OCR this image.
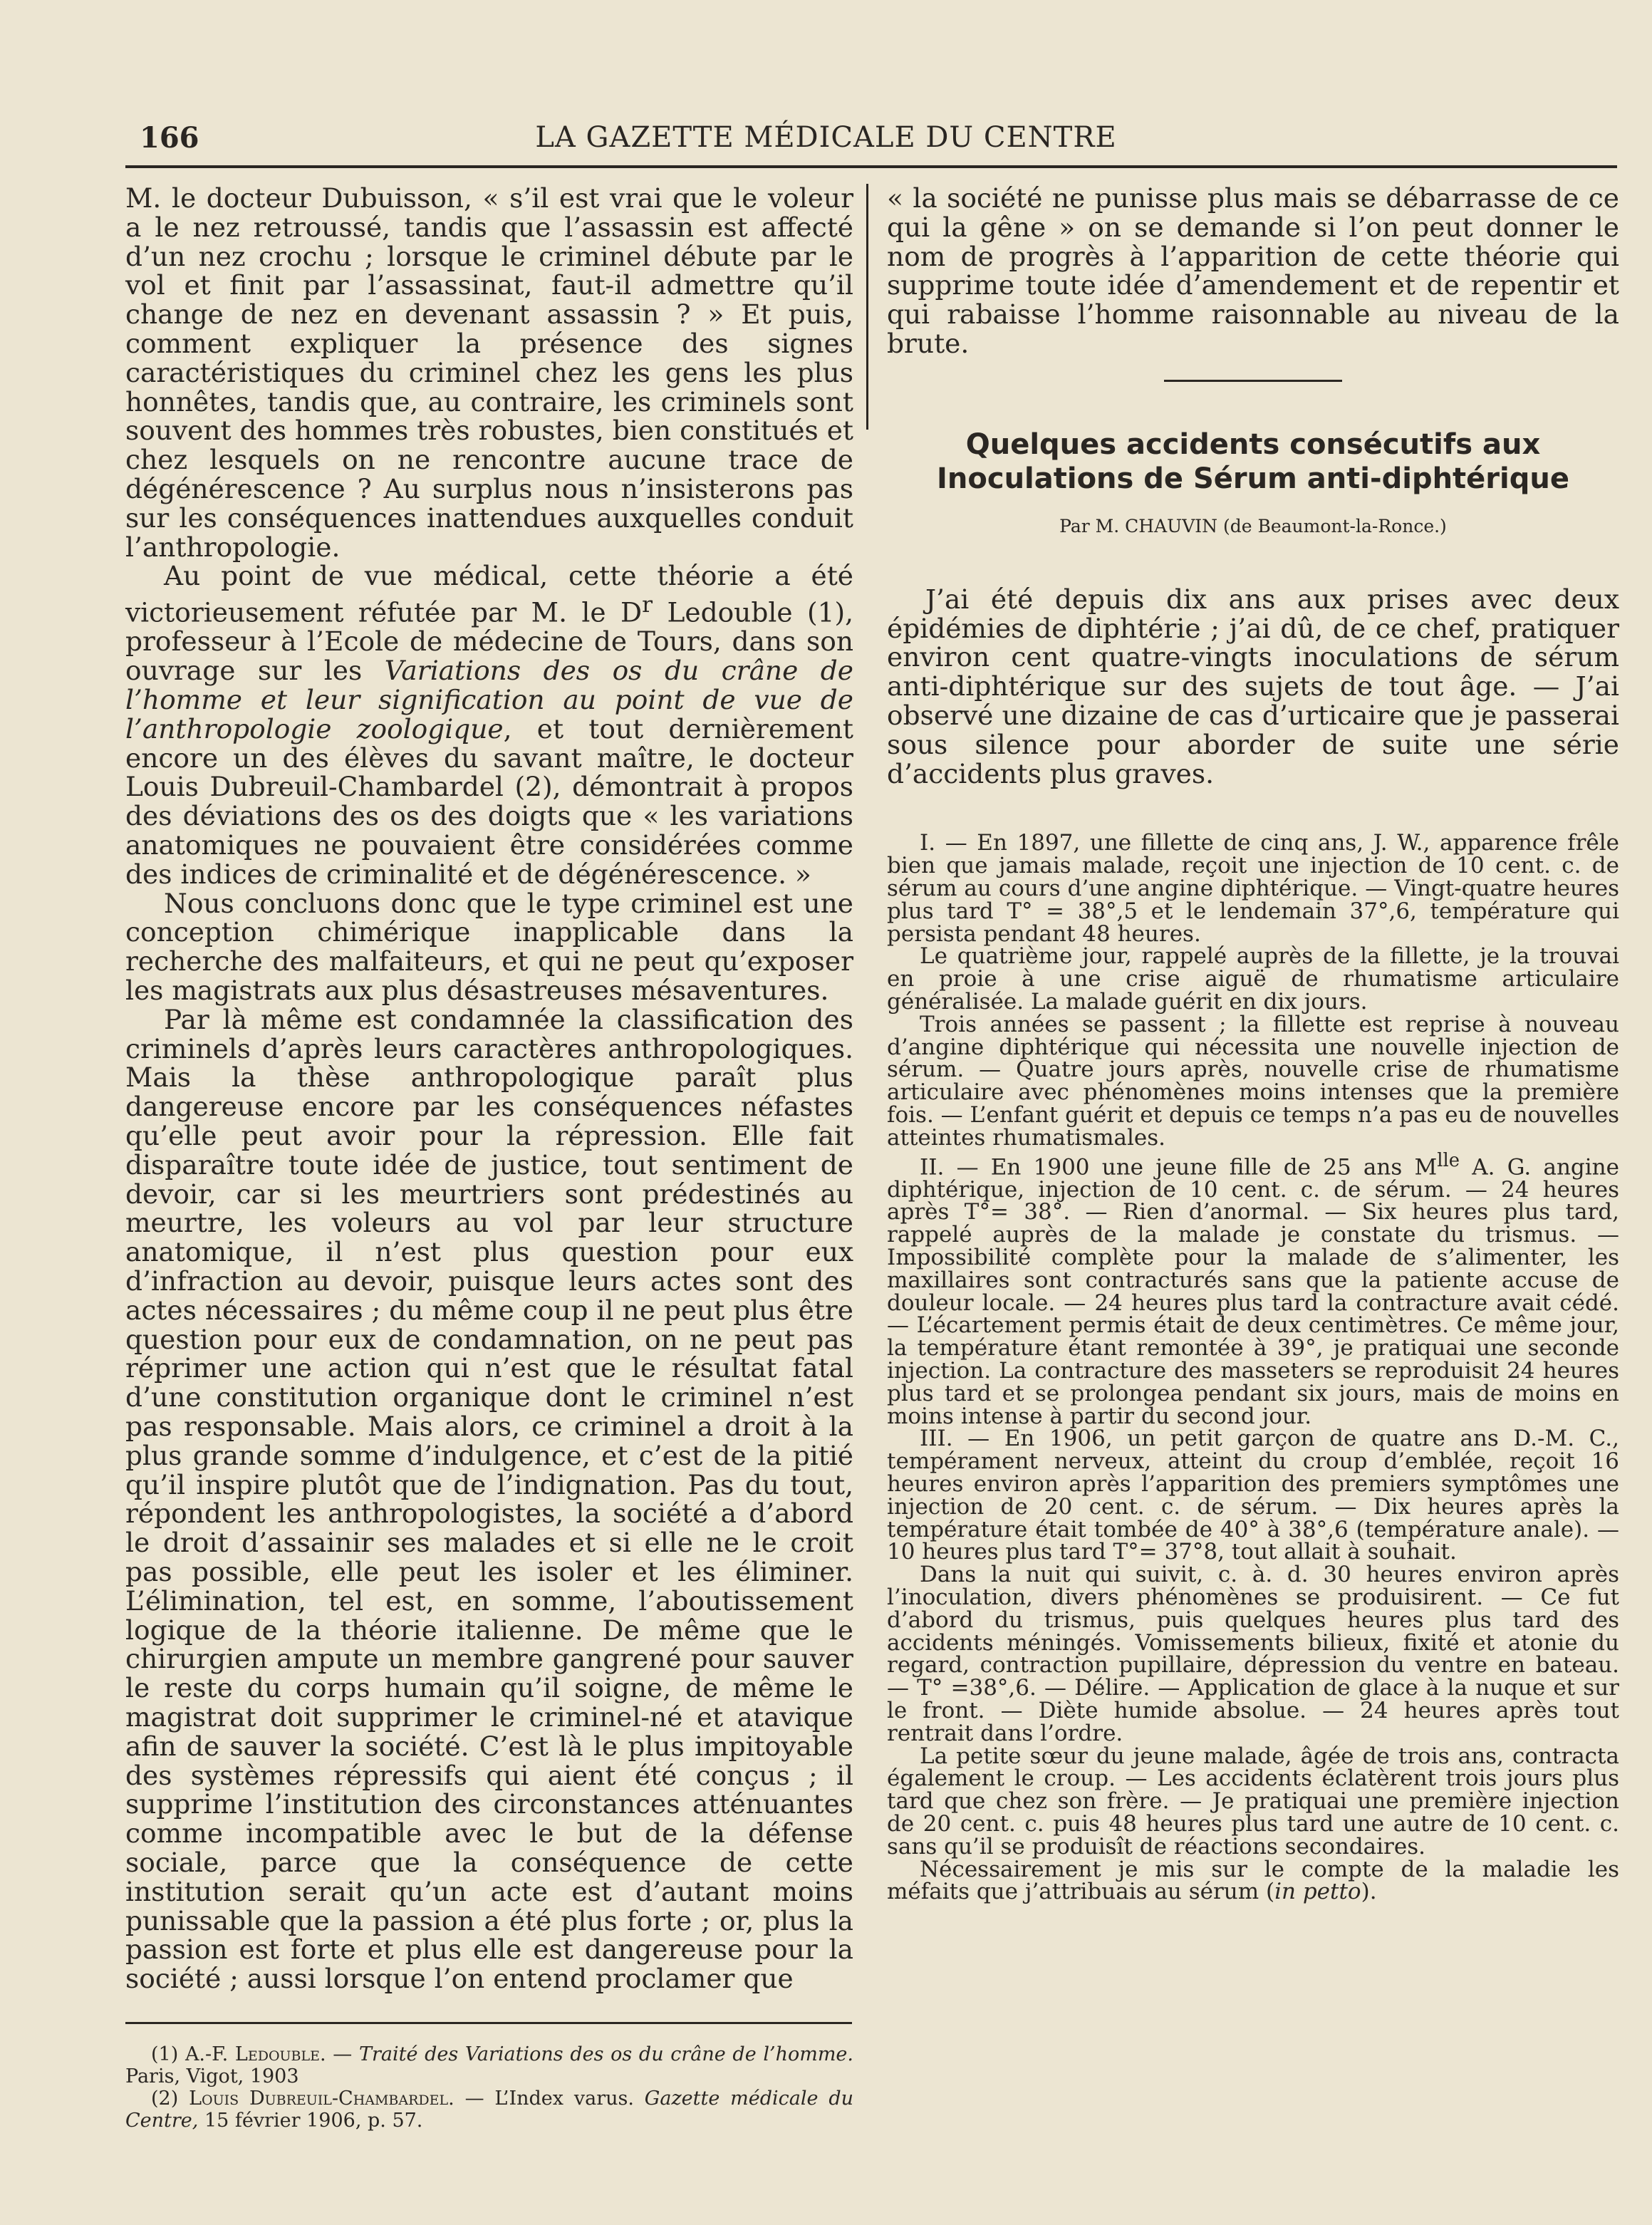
166	LA GAZETTE MÉDICALE DU CENTRE

M. le docteur Dubuisson, « s’il est vrai que le voleur a le nez retroussé, tandis que l’assassin est affecté d’un nez crochu ; lorsque le criminel débute par le vol et finit par l’assassinat, faut-il admettre qu’il change de nez en devenant assassin ? » Et puis, comment expliquer la présence des signes caractéristiques du criminel chez les gens les plus honnêtes, tandis que, au contraire, les criminels sont souvent des hommes très robustes, bien constitués et chez lesquels on ne rencontre aucune trace de dégénérescence ? Au surplus nous n’insisterons pas sur les conséquences inattendues auxquelles conduit l’anthropologie.

Au point de vue médical, cette théorie a été victorieusement réfutée par M. le $D^r$ Ledouble (1), professeur à l’Ecole de médecine de Tours, dans son ouvrage sur les Variations des os du crâne de l’homme et leur signification au point de vue de l’anthropologie zoologique, et tout dernièrement encore un des élèves du savant maître, le docteur Louis Dubreuil-Chambardel (2), démontrait à propos des déviations des os des doigts que « les variations anatomiques ne pouvaient être considérées comme des indices de criminalité et de dégénérescence. »

Nous concluons donc que le type criminel est une conception chimérique inapplicable dans la recherche des malfaiteurs, et qui ne peut qu’exposer les magistrats aux plus désastreuses mésaventures.

Par là même est condamnée la classification des criminels d’après leurs caractères anthropologiques. Mais la thèse anthropologique paraît plus dangereuse encore par les conséquences néfastes qu’elle peut avoir pour la répression. Elle fait disparaître toute idée de justice, tout sentiment de devoir, car si les meurtriers sont prédestinés au meurtre, les voleurs au vol par leur structure anatomique, il n’est plus question pour eux d’infraction au devoir, puisque leurs actes sont des actes nécessaires ; du même coup il ne peut plus être question pour eux de condamnation, on ne peut pas réprimer une action qui n’est que le résultat fatal d’une constitution organique dont le criminel n’est pas responsable. Mais alors, ce criminel a droit à la plus grande somme d’indulgence, et c’est de la pitié qu’il inspire plutôt que de l’indignation. Pas du tout, répondent les anthropologistes, la société a d’abord le droit d’assainir ses malades et si elle ne le croit pas possible, elle peut les isoler et les éliminer. L’élimination, tel est, en somme, l’aboutissement logique de la théorie italienne. De même que le chirurgien ampute un membre gangrené pour sauver le reste du corps humain qu’il soigne, de même le magistrat doit supprimer le criminel-né et atavique afin de sauver la société. C’est là le plus impitoyable des systèmes répressifs qui aient été conçus ; il supprime l’institution des circonstances atténuantes comme incompatible avec le but de la défense sociale, parce que la conséquence de cette institution serait qu’un acte est d’autant moins punissable que la passion a été plus forte ; or, plus la passion est forte et plus elle est dangereuse pour la société ; aussi lorsque l’on entend proclamer que

(1) A.-F. Ledouble. — Traité des Variations des os du crâne de l’homme. Paris, Vigot, 1903

(2) Louis Dubreuil-Chambardel. — L’Index varus. Gazette médicale du Centre, 15 février 1906, p. 57.

« la société ne punisse plus mais se débarrasse de ce qui la gêne » on se demande si l’on peut donner le nom de progrès à l’apparition de cette théorie qui supprime toute idée d’amendement et de repentir et qui rabaisse l’homme raisonnable au niveau de la brute.

Quelques accidents consécutifs aux
Inoculations de Sérum anti-diphtérique

Par M. CHAUVIN (de Beaumont-la-Ronce.)

J’ai été depuis dix ans aux prises avec deux épidémies de diphtérie ; j’ai dû, de ce chef, pratiquer environ cent quatre-vingts inoculations de sérum anti-diphtérique sur des sujets de tout âge. — J’ai observé une dizaine de cas d’urticaire que je passerai sous silence pour aborder de suite une série d’accidents plus graves.

I. — En 1897, une fillette de cinq ans, J. W., apparence frêle bien que jamais malade, reçoit une injection de 10 cent. c. de sérum au cours d’une angine diphtérique. — Vingt-quatre heures plus tard T° = 38°,5 et le lendemain 37°,6, température qui persista pendant 48 heures.

Le quatrième jour, rappelé auprès de la fillette, je la trouvai en proie à une crise aiguë de rhumatisme articulaire généralisée. La malade guérit en dix jours.

Trois années se passent ; la fillette est reprise à nouveau d’angine diphtérique qui nécessita une nouvelle injection de sérum. — Quatre jours après, nouvelle crise de rhumatisme articulaire avec phénomènes moins intenses que la première fois. — L’enfant guérit et depuis ce temps n’a pas eu de nouvelles atteintes rhumatismales.

II. — En 1900 une jeune fille de 25 ans $M^{lle}$ A. G. angine diphtérique, injection de 10 cent. c. de sérum. — 24 heures après T°= 38°. — Rien d’anormal. — Six heures plus tard, rappelé auprès de la malade je constate du trismus. — Impossibilité complète pour la malade de s’alimenter, les maxillaires sont contracturés sans que la patiente accuse de douleur locale. — 24 heures plus tard la contracture avait cédé. — L’écartement permis était de deux centimètres. Ce même jour, la température étant remontée à 39°, je pratiquai une seconde injection. La contracture des masseters se reproduisit 24 heures plus tard et se prolongea pendant six jours, mais de moins en moins intense à partir du second jour.

III. — En 1906, un petit garçon de quatre ans D.-M. C., tempérament nerveux, atteint du croup d’emblée, reçoit 16 heures environ après l’apparition des premiers symptômes une injection de 20 cent. c. de sérum. — Dix heures après la température était tombée de 40° à 38°,6 (température anale). — 10 heures plus tard T°= 37°8, tout allait à souhait.

Dans la nuit qui suivit, c. à. d. 30 heures environ après l’inoculation, divers phénomènes se produisirent. — Ce fut d’abord du trismus, puis quelques heures plus tard des accidents méningés. Vomissements bilieux, fixité et atonie du regard, contraction pupillaire, dépression du ventre en bateau. — T° =38°,6. — Délire. — Application de glace à la nuque et sur le front. — Diète humide absolue. — 24 heures après tout rentrait dans l’ordre.

La petite sœur du jeune malade, âgée de trois ans, contracta également le croup. — Les accidents éclatèrent trois jours plus tard que chez son frère. — Je pratiquai une première injection de 20 cent. c. puis 48 heures plus tard une autre de 10 cent. c. sans qu’il se produisît de réactions secondaires.

Nécessairement je mis sur le compte de la maladie les méfaits que j’attribuais au sérum (in petto).
